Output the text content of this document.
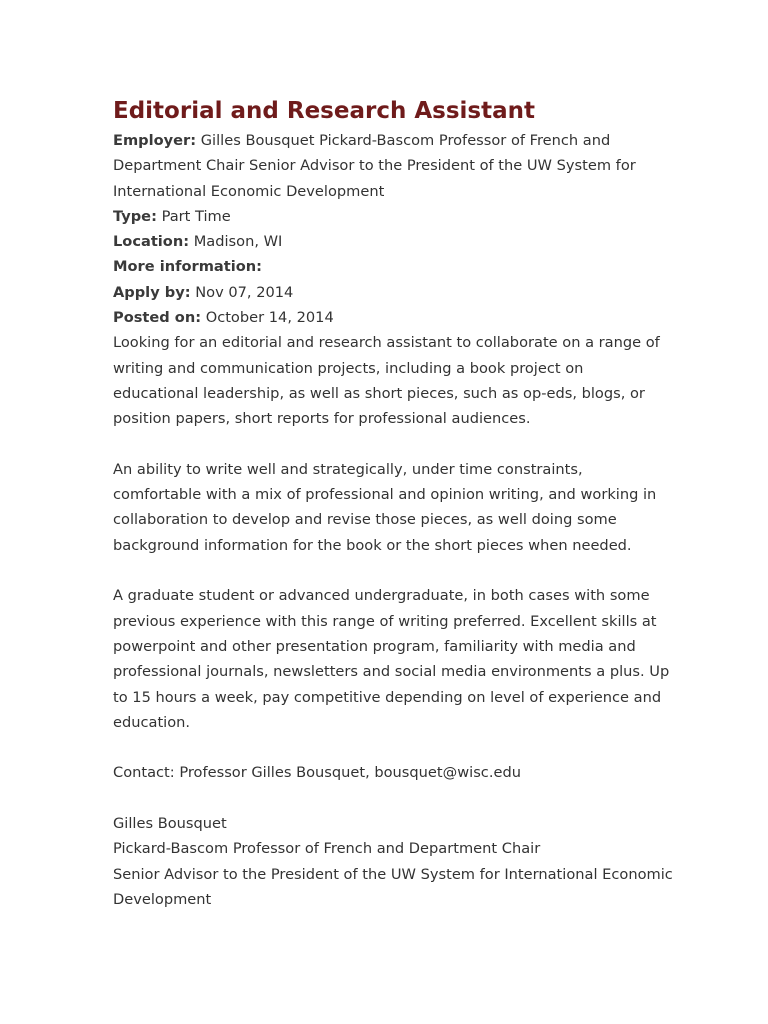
Editorial and Research Assistant

Employer: Gilles Bousquet Pickard-Bascom Professor of French and Department Chair Senior Advisor to the President of the UW System for International Economic Development

Type: Part Time

Location: Madison, WI

More information:

Apply by: Nov 07, 2014

Posted on: October 14, 2014

Looking for an editorial and research assistant to collaborate on a range of writing and communication projects, including a book project on educational leadership, as well as short pieces, such as op-eds, blogs, or position papers, short reports for professional audiences.

An ability to write well and strategically, under time constraints, comfortable with a mix of professional and opinion writing, and working in collaboration to develop and revise those pieces, as well doing some background information for the book or the short pieces when needed.

A graduate student or advanced undergraduate, in both cases with some previous experience with this range of writing preferred. Excellent skills at powerpoint and other presentation program, familiarity with media and professional journals, newsletters and social media environments a plus. Up to 15 hours a week, pay competitive depending on level of experience and education.

Contact: Professor Gilles Bousquet, bousquet@wisc.edu

Gilles Bousquet

Pickard-Bascom Professor of French and Department Chair

Senior Advisor to the President of the UW System for International Economic Development
